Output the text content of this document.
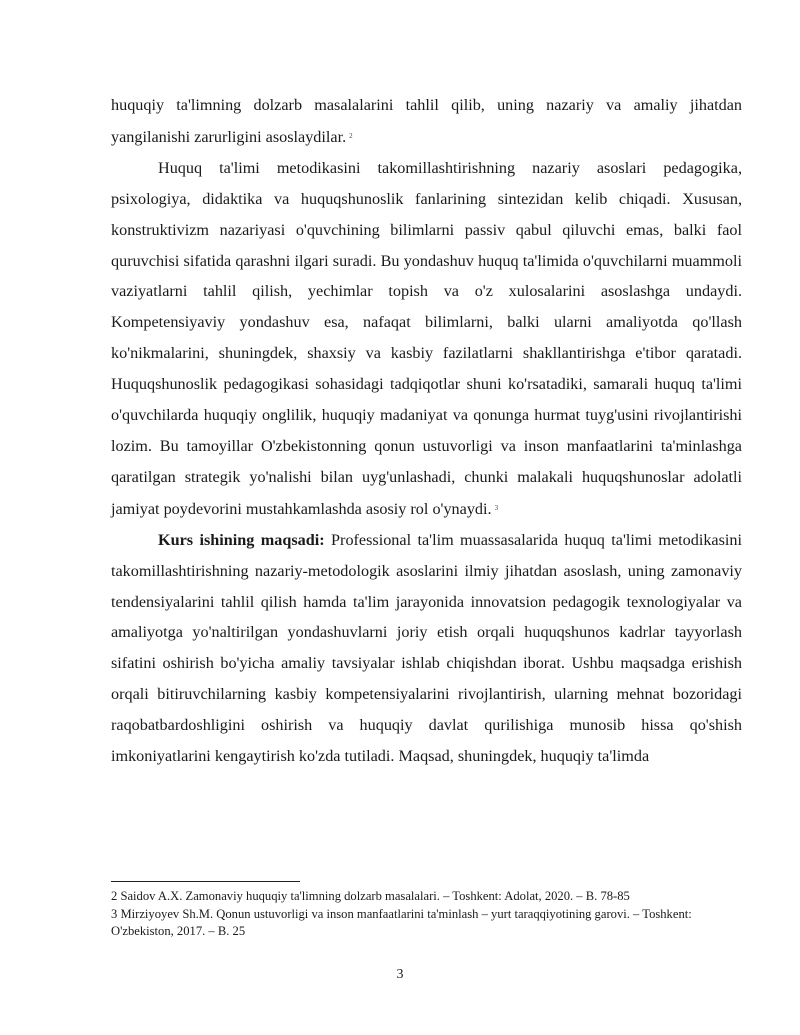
huquqiy ta'limning dolzarb masalalarini tahlil qilib, uning nazariy va amaliy jihatdan yangilanishi zarurligini asoslaydilar. $^2$

Huquq ta'limi metodikasini takomillashtirishning nazariy asoslari pedagogika, psixologiya, didaktika va huquqshunoslik fanlarining sintezidan kelib chiqadi. Xususan, konstruktivizm nazariyasi o'quvchining bilimlarni passiv qabul qiluvchi emas, balki faol quruvchisi sifatida qarashni ilgari suradi. Bu yondashuv huquq ta'limida o'quvchilarni muammoli vaziyatlarni tahlil qilish, yechimlar topish va o'z xulosalarini asoslashga undaydi. Kompetensiyaviy yondashuv esa, nafaqat bilimlarni, balki ularni amaliyotda qo'llash ko'nikmalarini, shuningdek, shaxsiy va kasbiy fazilatlarni shakllantirishga e'tibor qaratadi. Huquqshunoslik pedagogikasi sohasidagi tadqiqotlar shuni ko'rsatadiki, samarali huquq ta'limi o'quvchilarda huquqiy onglilik, huquqiy madaniyat va qonunga hurmat tuyg'usini rivojlantirishi lozim. Bu tamoyillar O'zbekistonning qonun ustuvorligi va inson manfaatlarini ta'minlashga qaratilgan strategik yo'nalishi bilan uyg'unlashadi, chunki malakali huquqshunoslar adolatli jamiyat poydevorini mustahkamlashda asosiy rol o'ynaydi. $^3$

Kurs ishining maqsadi: Professional ta'lim muassasalarida huquq ta'limi metodikasini takomillashtirishning nazariy-metodologik asoslarini ilmiy jihatdan asoslash, uning zamonaviy tendensiyalarini tahlil qilish hamda ta'lim jarayonida innovatsion pedagogik texnologiyalar va amaliyotga yo'naltirilgan yondashuvlarni joriy etish orqali huquqshunos kadrlar tayyorlash sifatini oshirish bo'yicha amaliy tavsiyalar ishlab chiqishdan iborat. Ushbu maqsadga erishish orqali bitiruvchilarning kasbiy kompetensiyalarini rivojlantirish, ularning mehnat bozoridagi raqobatbardoshligini oshirish va huquqiy davlat qurilishiga munosib hissa qo'shish imkoniyatlarini kengaytirish ko'zda tutiladi. Maqsad, shuningdek, huquqiy ta'limda

2 Saidov A.X. Zamonaviy huquqiy ta'limning dolzarb masalalari. – Toshkent: Adolat, 2020. – B. 78-85

3 Mirziyoyev Sh.M. Qonun ustuvorligi va inson manfaatlarini ta'minlash – yurt taraqqiyotining garovi. – Toshkent: O'zbekiston, 2017. – B. 25

3
